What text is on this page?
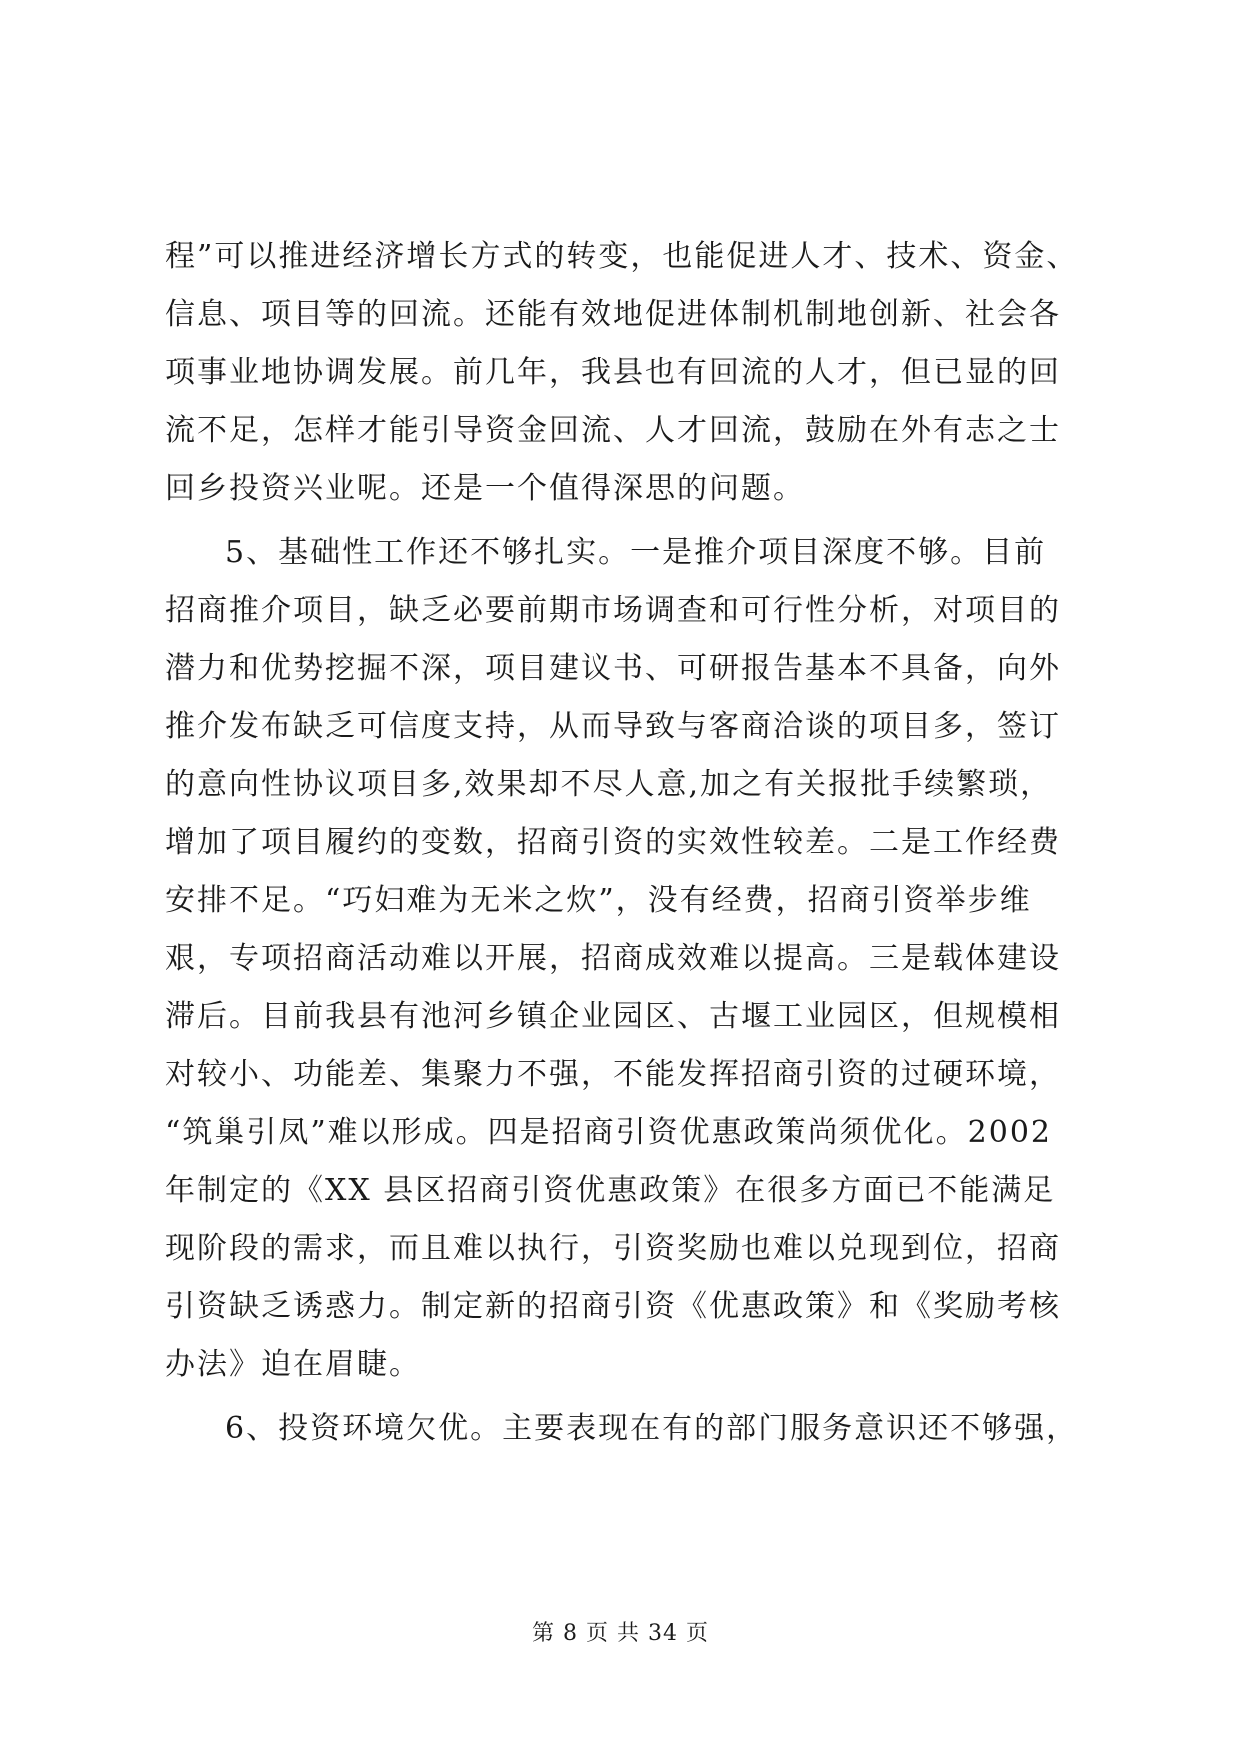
程”可以推进经济增长方式的转变，也能促进人才、技术、资金、
信息、项目等的回流。还能有效地促进体制机制地创新、社会各
项事业地协调发展。前几年，我县也有回流的人才，但已显的回
流不足，怎样才能引导资金回流、人才回流，鼓励在外有志之士
回乡投资兴业呢。还是一个值得深思的问题。

5、基础性工作还不够扎实。一是推介项目深度不够。目前
招商推介项目，缺乏必要前期市场调查和可行性分析，对项目的
潜力和优势挖掘不深，项目建议书、可研报告基本不具备，向外
推介发布缺乏可信度支持，从而导致与客商洽谈的项目多，签订
的意向性协议项目多,效果却不尽人意,加之有关报批手续繁琐，
增加了项目履约的变数，招商引资的实效性较差。二是工作经费
安排不足。“巧妇难为无米之炊”，没有经费，招商引资举步维
艰，专项招商活动难以开展，招商成效难以提高。三是载体建设
滞后。目前我县有池河乡镇企业园区、古堰工业园区，但规模相
对较小、功能差、集聚力不强，不能发挥招商引资的过硬环境，
“筑巢引凤”难以形成。四是招商引资优惠政策尚须优化。2002
年制定的《XX 县区招商引资优惠政策》在很多方面已不能满足
现阶段的需求，而且难以执行，引资奖励也难以兑现到位，招商
引资缺乏诱惑力。制定新的招商引资《优惠政策》和《奖励考核
办法》迫在眉睫。

6、投资环境欠优。主要表现在有的部门服务意识还不够强，

第 8 页 共 34 页
